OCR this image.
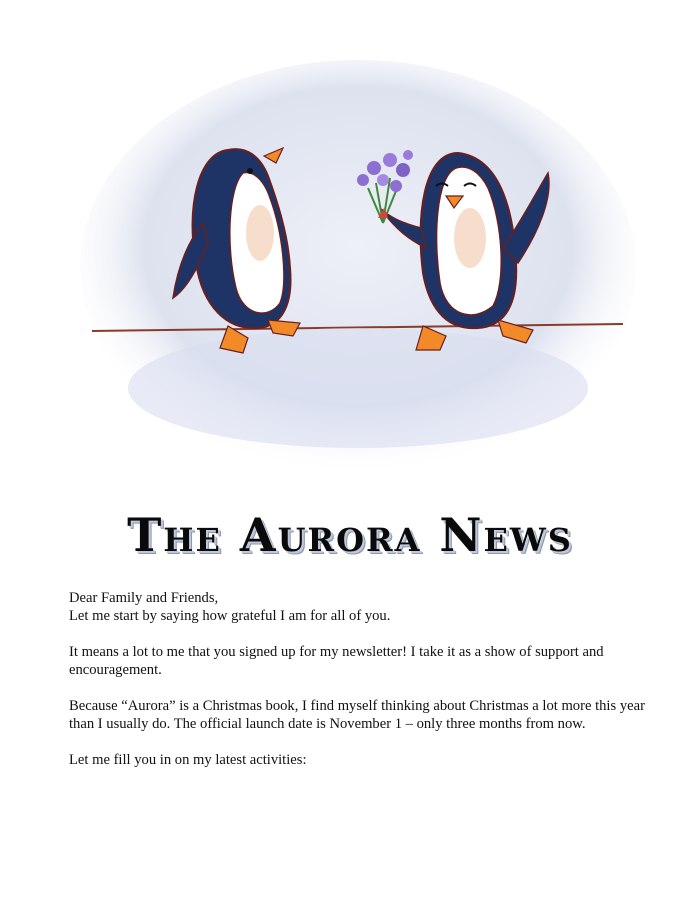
The Aurora News

Dear Family and Friends,

Let me start by saying how grateful I am for all of you.

It means a lot to me that you signed up for my newsletter! I take it as a show of support and encouragement.

Because “Aurora” is a Christmas book, I find myself thinking about Christmas a lot more this year than I usually do. The official launch date is November 1 – only three months from now.

Let me fill you in on my latest activities:
